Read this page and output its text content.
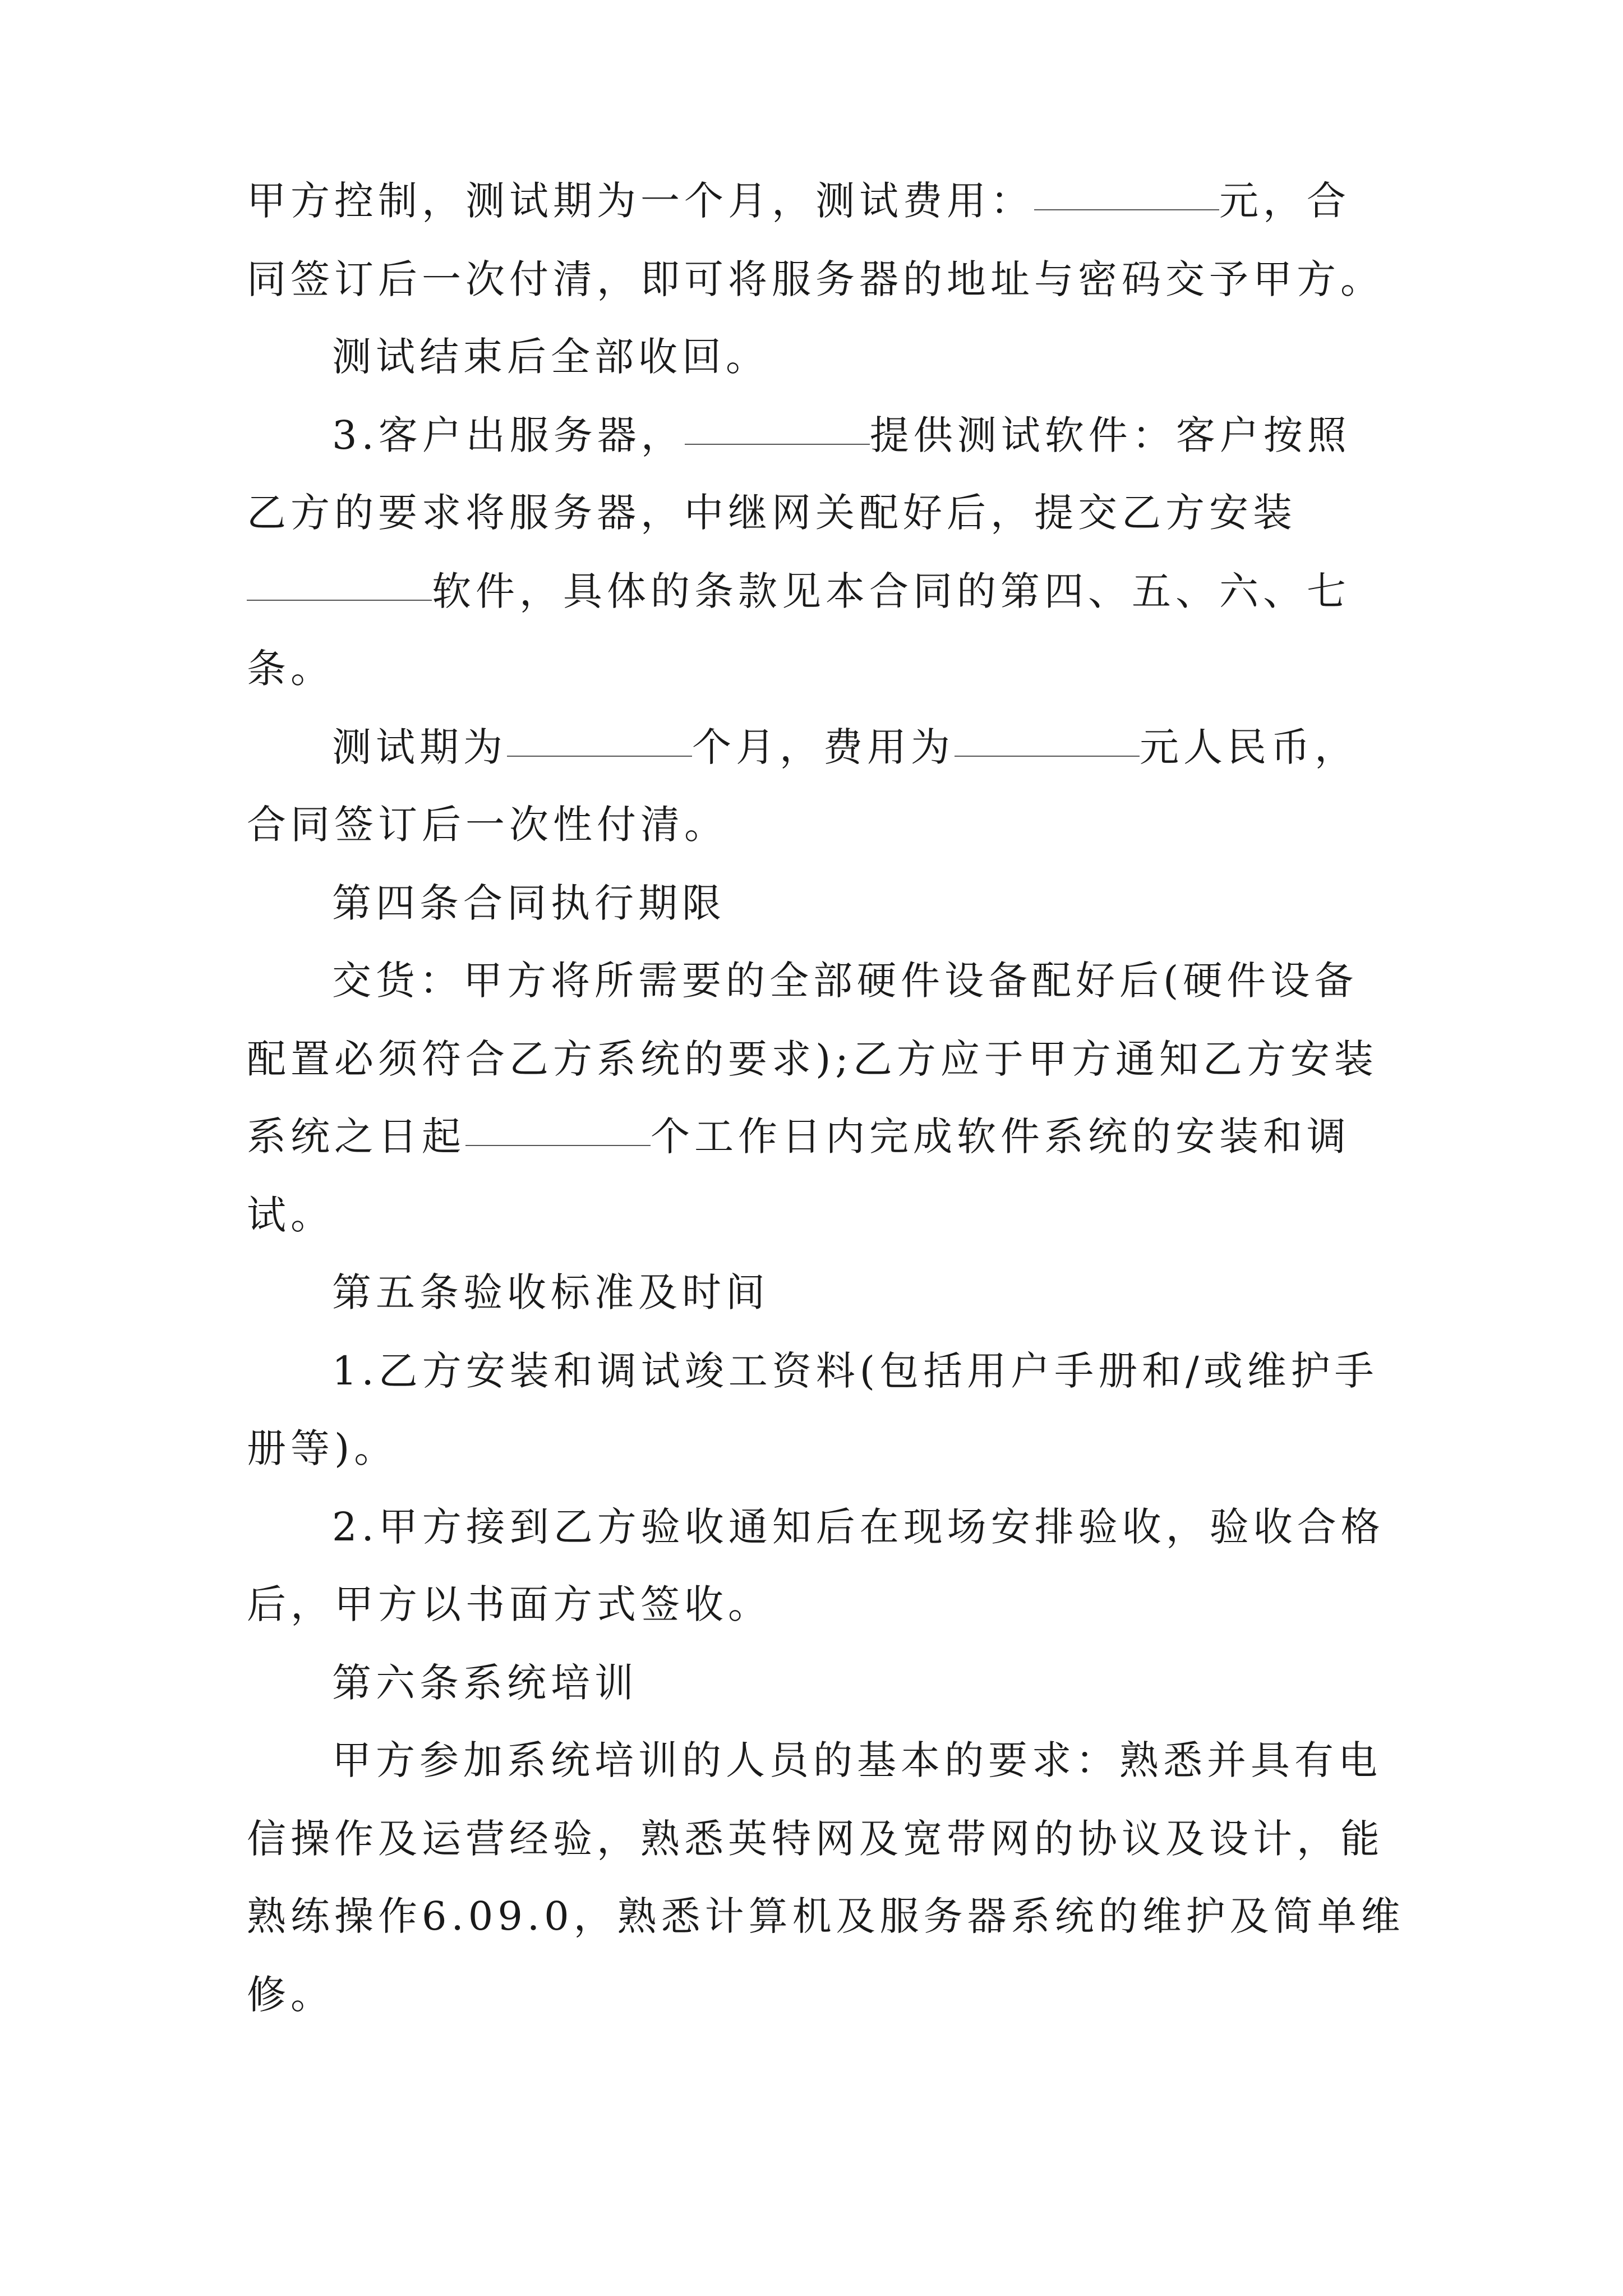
甲方控制，测试期为一个月，测试费用：	元，合
同签订后一次付清，即可将服务器的地址与密码交予甲方。
测试结束后全部收回。
3.客户出服务器，	提供测试软件：客户按照
乙方的要求将服务器，中继网关配好后，提交乙方安装
软件，具体的条款见本合同的第四、五、六、七
条。
测试期为	个月，费用为	元人民币，
合同签订后一次性付清。
第四条合同执行期限
交货：甲方将所需要的全部硬件设备配好后(硬件设备
配置必须符合乙方系统的要求);乙方应于甲方通知乙方安装
系统之日起	个工作日内完成软件系统的安装和调
试。
第五条验收标准及时间
1.乙方安装和调试竣工资料(包括用户手册和/或维护手
册等)。
2.甲方接到乙方验收通知后在现场安排验收，验收合格
后，甲方以书面方式签收。
第六条系统培训
甲方参加系统培训的人员的基本的要求：熟悉并具有电
信操作及运营经验，熟悉英特网及宽带网的协议及设计，能
熟练操作6.09.0，熟悉计算机及服务器系统的维护及简单维
修。
